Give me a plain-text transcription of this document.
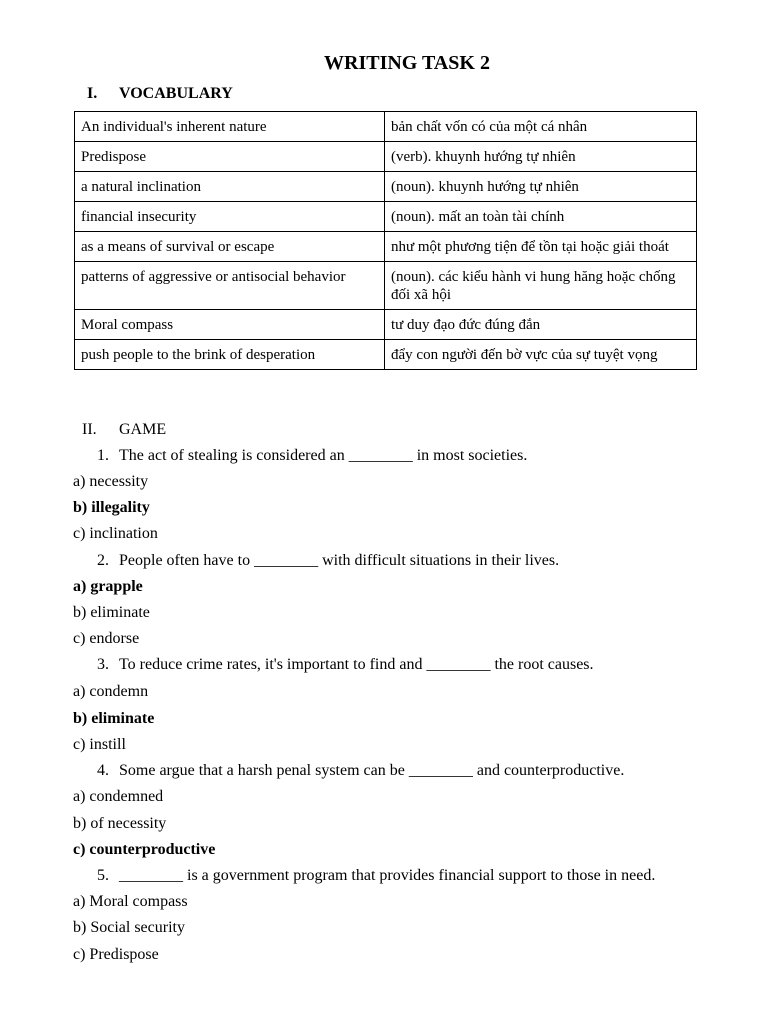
WRITING TASK 2
I. VOCABULARY
An individual's inherent nature	bản chất vốn có của một cá nhân
Predispose	(verb). khuynh hướng tự nhiên
a natural inclination	(noun). khuynh hướng tự nhiên
financial insecurity	(noun). mất an toàn tài chính
as a means of survival or escape	như một phương tiện để tồn tại hoặc giải thoát
patterns of aggressive or antisocial behavior	(noun). các kiểu hành vi hung hăng hoặc chống đối xã hội
Moral compass	tư duy đạo đức đúng đắn
push people to the brink of desperation	đẩy con người đến bờ vực của sự tuyệt vọng
II. GAME
1. The act of stealing is considered an ________ in most societies.
a) necessity
b) illegality
c) inclination
2. People often have to ________ with difficult situations in their lives.
a) grapple
b) eliminate
c) endorse
3. To reduce crime rates, it's important to find and ________ the root causes.
a) condemn
b) eliminate
c) instill
4. Some argue that a harsh penal system can be ________ and counterproductive.
a) condemned
b) of necessity
c) counterproductive
5. ________ is a government program that provides financial support to those in need.
a) Moral compass
b) Social security
c) Predispose
